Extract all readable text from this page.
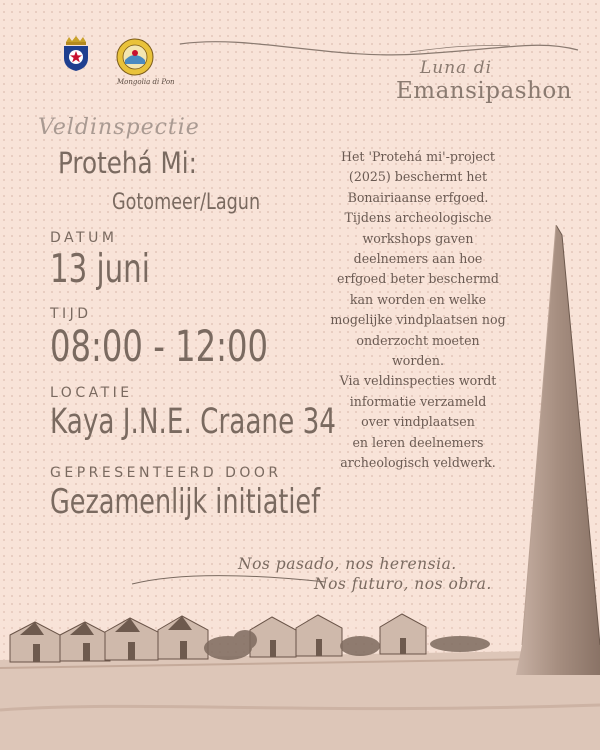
Mongolia di Pon
Luna di
Emansipashon
Veldinspectie
Protehá Mi:
Gotomeer/Lagun
DATUM
13 juni
TIJD
08:00 - 12:00
LOCATIE
Kaya J.N.E. Craane 34
GEPRESENTEERD DOOR
Gezamenlijk initiatief
Het 'Protehá mi'-project
(2025) beschermt het
Bonairiaanse erfgoed.
Tijdens archeologische
workshops gaven
deelnemers aan hoe
erfgoed beter beschermd
kan worden en welke
mogelijke vindplaatsen nog
onderzocht moeten
worden.
Via veldinspecties wordt
informatie verzameld
over vindplaatsen
en leren deelnemers
archeologisch veldwerk.
Nos pasado, nos herensia.
Nos futuro, nos obra.
